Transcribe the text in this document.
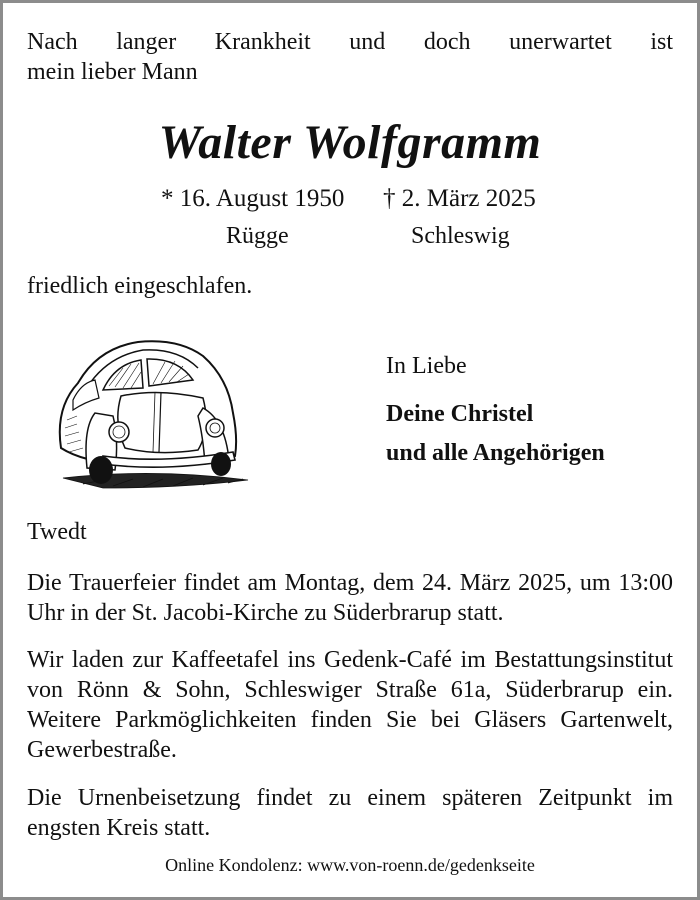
Nach langer Krankheit und doch unerwartet ist
mein lieber Mann

Walter Wolfgramm
* 16. August 1950 † 2. März 2025
Rügge	Schleswig
friedlich eingeschlafen.
In Liebe
Deine Christel
und alle Angehörigen
Twedt

Die Trauerfeier findet am Montag, dem 24. März 2025, um 13:00 Uhr in der St. Jacobi-Kirche zu Süderbrarup statt.

Wir laden zur Kaffeetafel ins Gedenk-Café im Bestattungsinstitut von Rönn & Sohn, Schleswiger Straße 61a, Süderbrarup ein. Weitere Parkmöglichkeiten finden Sie bei Gläsers Gartenwelt, Gewerbestraße.

Die Urnenbeisetzung findet zu einem späteren Zeitpunkt im engsten Kreis statt.

Online Kondolenz: www.von-roenn.de/gedenkseite
